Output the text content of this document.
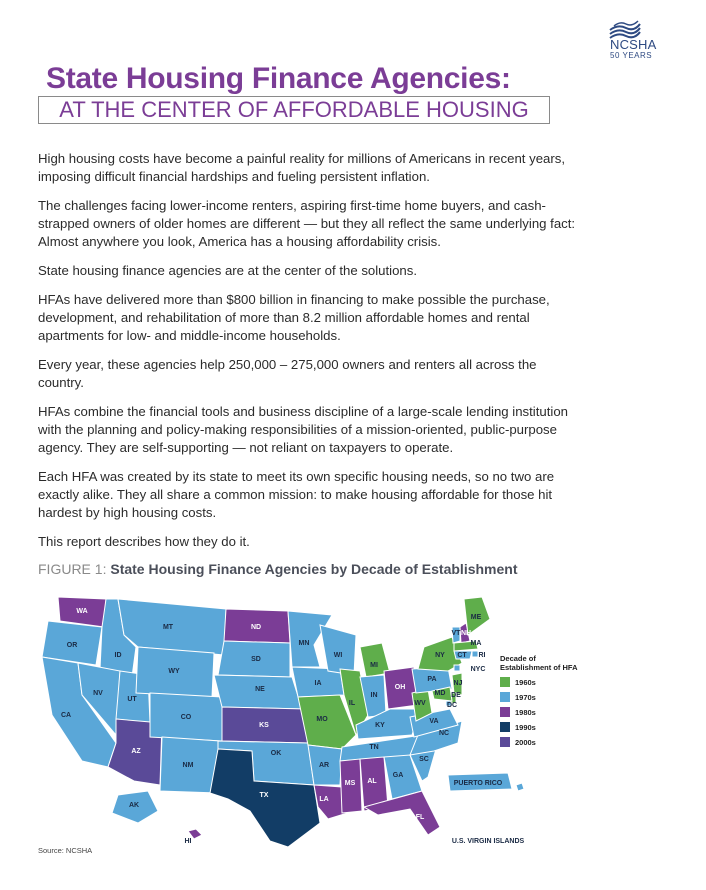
NCSHA
50 YEARS
State Housing Finance Agencies:
AT THE CENTER OF AFFORDABLE HOUSING

High housing costs have become a painful reality for millions of Americans in recent years, imposing difficult financial hardships and fueling persistent inflation.

The challenges facing lower-income renters, aspiring first-time home buyers, and cash-strapped owners of older homes are different — but they all reflect the same underlying fact: Almost anywhere you look, America has a housing affordability crisis.

State housing finance agencies are at the center of the solutions.

HFAs have delivered more than $800 billion in financing to make possible the purchase, development, and rehabilitation of more than 8.2 million affordable homes and rental apartments for low- and middle-income households.

Every year, these agencies help 250,000 – 275,000 owners and renters all across the country.

HFAs combine the financial tools and business discipline of a large-scale lending institution with the planning and policy-making responsibilities of a mission-oriented, public-purpose agency. They are self-supporting — not reliant on taxpayers to operate.

Each HFA was created by its state to meet its own specific housing needs, so no two are exactly alike. They all share a common mission: to make housing affordable for those hit hardest by high housing costs.

This report describes how they do it.

FIGURE 1: State Housing Finance Agencies by Decade of Establishment
WA
OR
CA
ID
NV
UT
AZ
MT
WY
CO
NM
ND
SD
NE
KS
OK
TX
MN
IA
MO
AR
LA
WI
IL
MI
IN
OH
KY
TN
MS AL
GA
FL
SC
NC
VA
WV
PA
NY
VT NH
ME
MA
RI
CT
NJ
DE
MD
DC
AK
HI
PUERTO RICO
U.S. VIRGIN ISLANDS
NYC
Decade of Establishment of HFA
1960s
1970s
1980s
1990s
2000s
Source: NCSHA
